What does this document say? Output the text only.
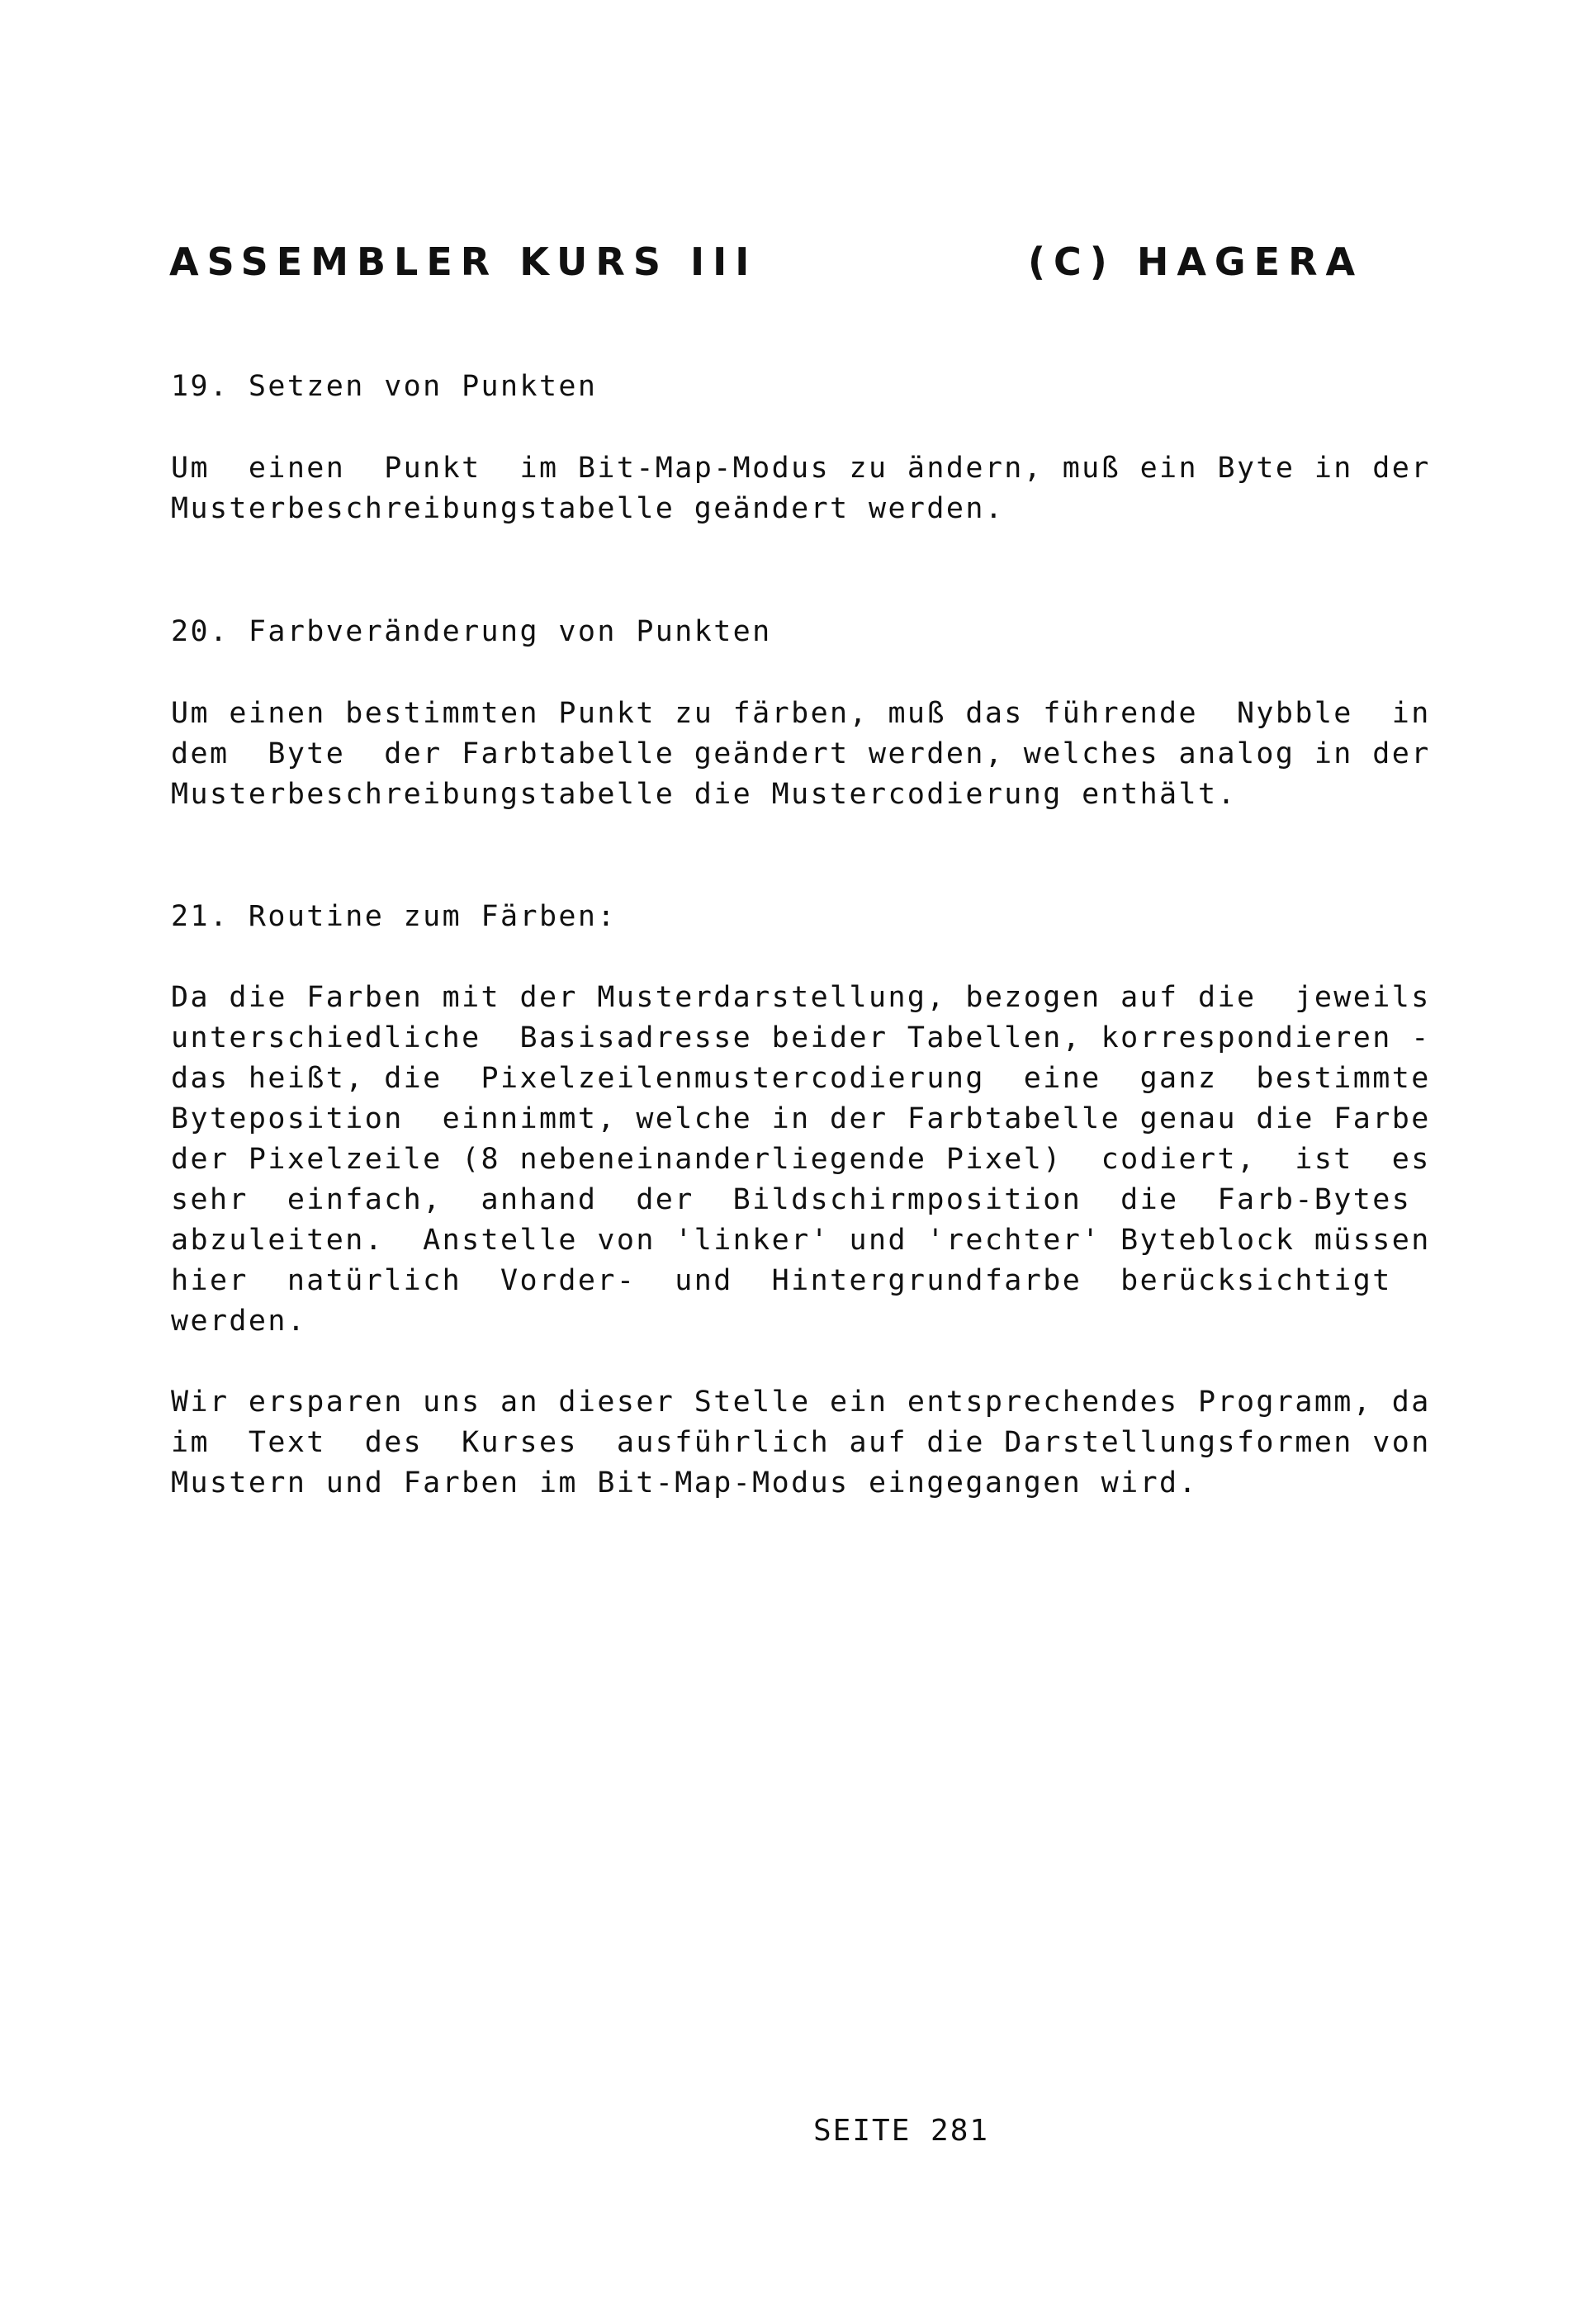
ASSEMBLER KURS III	(C) HAGERA
19. Setzen von Punkten
Um  einen  Punkt  im Bit-Map-Modus zu ändern, muß ein Byte in der
Musterbeschreibungstabelle geändert werden.
20. Farbveränderung von Punkten
Um einen bestimmten Punkt zu färben, muß das führende  Nybble  in
dem  Byte  der Farbtabelle geändert werden, welches analog in der
Musterbeschreibungstabelle die Mustercodierung enthält.
21. Routine zum Färben:
Da die Farben mit der Musterdarstellung, bezogen auf die  jeweils
unterschiedliche  Basisadresse beider Tabellen, korrespondieren -
das heißt, die  Pixelzeilenmustercodierung  eine  ganz  bestimmte
Byteposition  einnimmt, welche in der Farbtabelle genau die Farbe
der Pixelzeile (8 nebeneinanderliegende Pixel)  codiert,  ist  es
sehr  einfach,  anhand  der  Bildschirmposition  die  Farb-Bytes
abzuleiten.  Anstelle von 'linker' und 'rechter' Byteblock müssen
hier  natürlich  Vorder-  und  Hintergrundfarbe  berücksichtigt
werden.
Wir ersparen uns an dieser Stelle ein entsprechendes Programm, da
im  Text  des  Kurses  ausführlich auf die Darstellungsformen von
Mustern und Farben im Bit-Map-Modus eingegangen wird.
SEITE 281
